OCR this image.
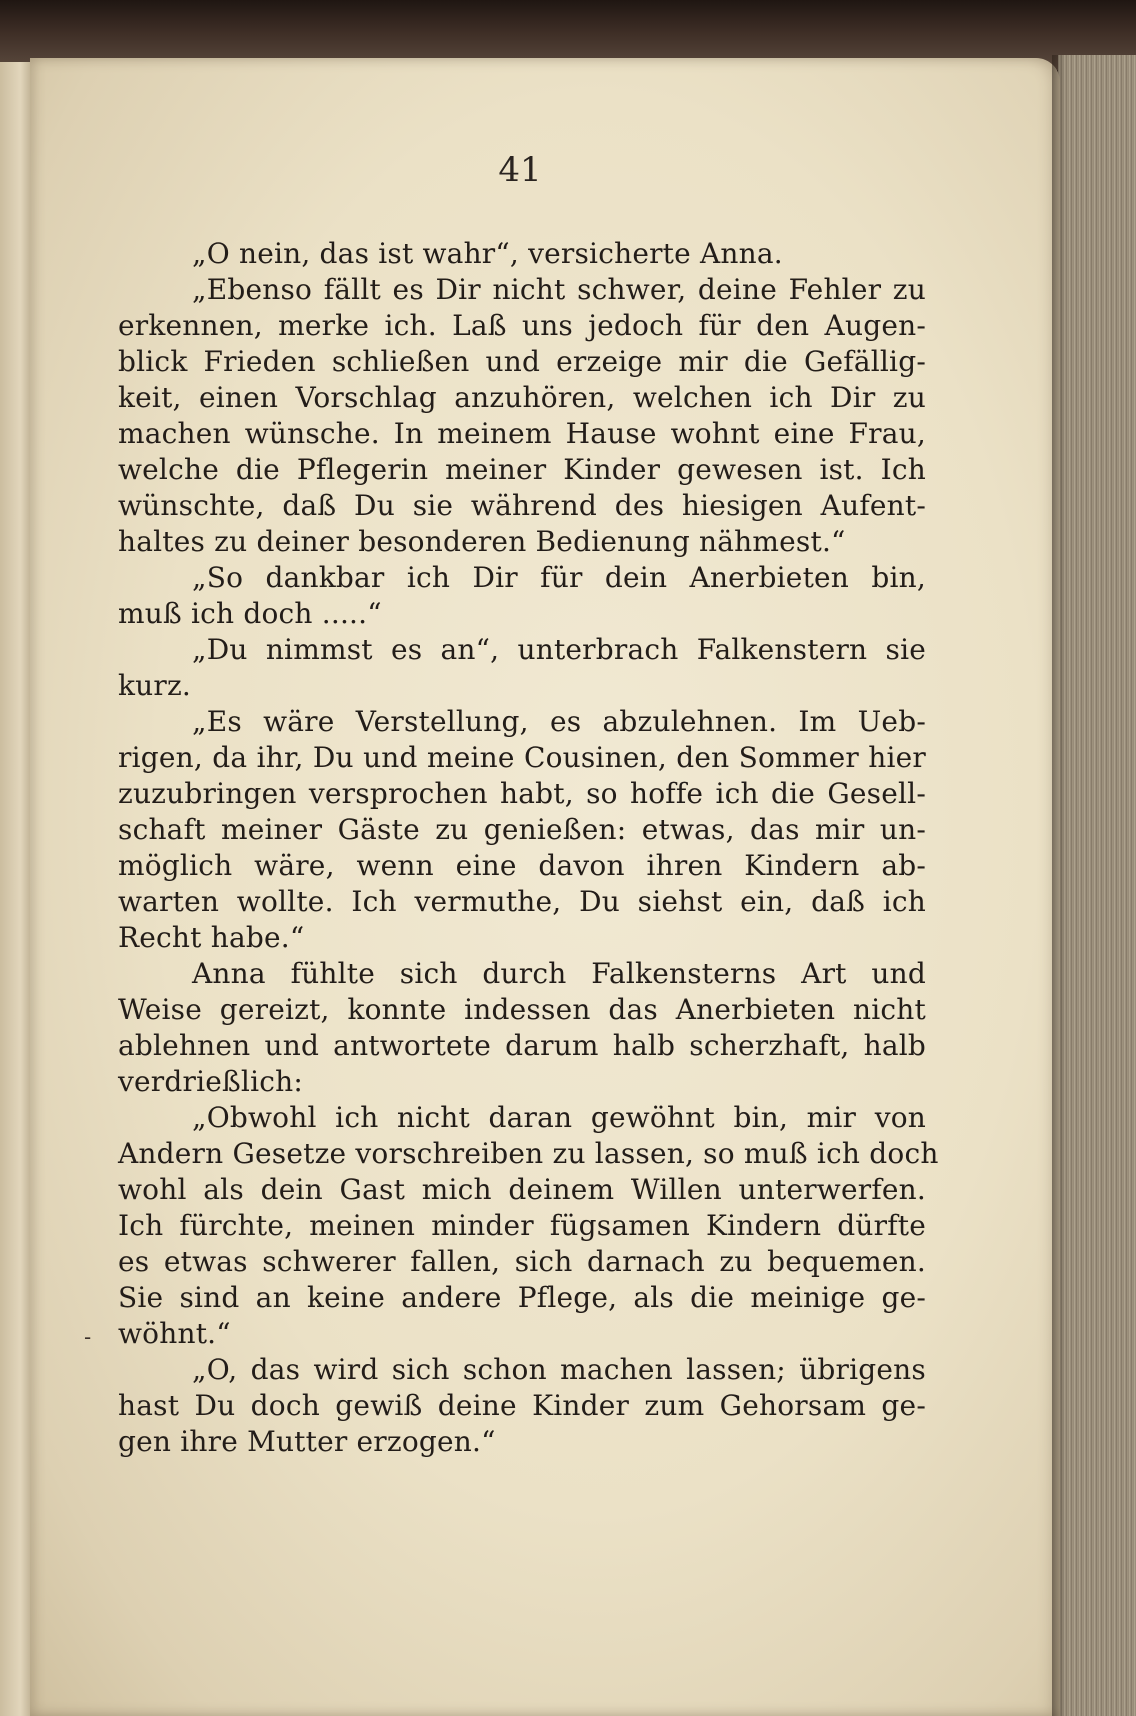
41
„O nein, das ist wahr“, versicherte Anna.
„Ebenso fällt es Dir nicht schwer, deine Fehler zu
erkennen, merke ich. Laß uns jedoch für den Augen-
blick Frieden schließen und erzeige mir die Gefällig-
keit, einen Vorschlag anzuhören, welchen ich Dir zu
machen wünsche. In meinem Hause wohnt eine Frau,
welche die Pflegerin meiner Kinder gewesen ist. Ich
wünschte, daß Du sie während des hiesigen Aufent-
haltes zu deiner besonderen Bedienung nähmest.“
„So dankbar ich Dir für dein Anerbieten bin,
muß ich doch .....“
„Du nimmst es an“, unterbrach Falkenstern sie
kurz.
„Es wäre Verstellung, es abzulehnen. Im Ueb-
rigen, da ihr, Du und meine Cousinen, den Sommer hier
zuzubringen versprochen habt, so hoffe ich die Gesell-
schaft meiner Gäste zu genießen: etwas, das mir un-
möglich wäre, wenn eine davon ihren Kindern ab-
warten wollte. Ich vermuthe, Du siehst ein, daß ich
Recht habe.“
Anna fühlte sich durch Falkensterns Art und
Weise gereizt, konnte indessen das Anerbieten nicht
ablehnen und antwortete darum halb scherzhaft, halb
verdrießlich:
„Obwohl ich nicht daran gewöhnt bin, mir von
Andern Gesetze vorschreiben zu lassen, so muß ich doch
wohl als dein Gast mich deinem Willen unterwerfen.
Ich fürchte, meinen minder fügsamen Kindern dürfte
es etwas schwerer fallen, sich darnach zu bequemen.
Sie sind an keine andere Pflege, als die meinige ge-
wöhnt.“
„O, das wird sich schon machen lassen; übrigens
hast Du doch gewiß deine Kinder zum Gehorsam ge-
gen ihre Mutter erzogen.“
-
